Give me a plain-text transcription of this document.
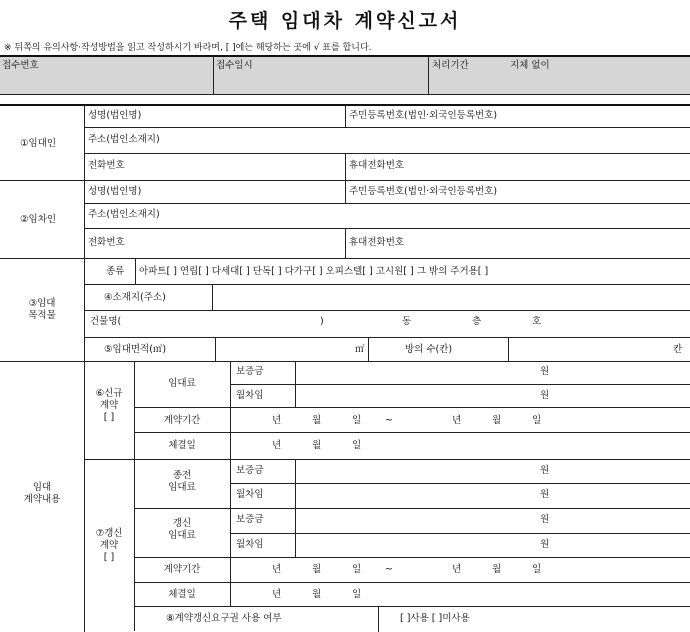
주택 임대차 계약신고서
※ 뒤쪽의 유의사항·작성방법을 읽고 작성하시기 바라며, [ ]에는 해당하는 곳에 √ 표를 합니다.
접수번호	접수일시	처리기간	지체 없이
①임대인
성명(법인명)	주민등록번호(법인·외국인등록번호)
주소(법인소재지)
전화번호	휴대전화번호
②임차인
성명(법인명)	주민등록번호(법인·외국인등록번호)
주소(법인소재지)
전화번호	휴대전화번호
③임대
목적물
종류 아파트[ ] 연립[ ] 다세대[ ] 단독[ ] 다가구[ ] 오피스텔[ ] 고시원[ ] 그 밖의 주거용[ ]
④소재지(주소)
건물명(	)	동	층	호
⑤임대면적(㎡)	㎡	방의 수(칸)	칸
임대
계약내용
⑥신규
계약
[ ]
임대료
보증금	원
월차임	원
계약기간	년	월	일	~	년	월	일
체결일	년	월	일
⑦갱신
계약
[ ]
종전
임대료
보증금	원
월차임	원
갱신
임대료
보증금	원
월차임	원
계약기간	년	월	일	~	년	월	일
체결일	년	월	일
⑧계약갱신요구권 사용 여부	[ ]사용 [ ]미사용
